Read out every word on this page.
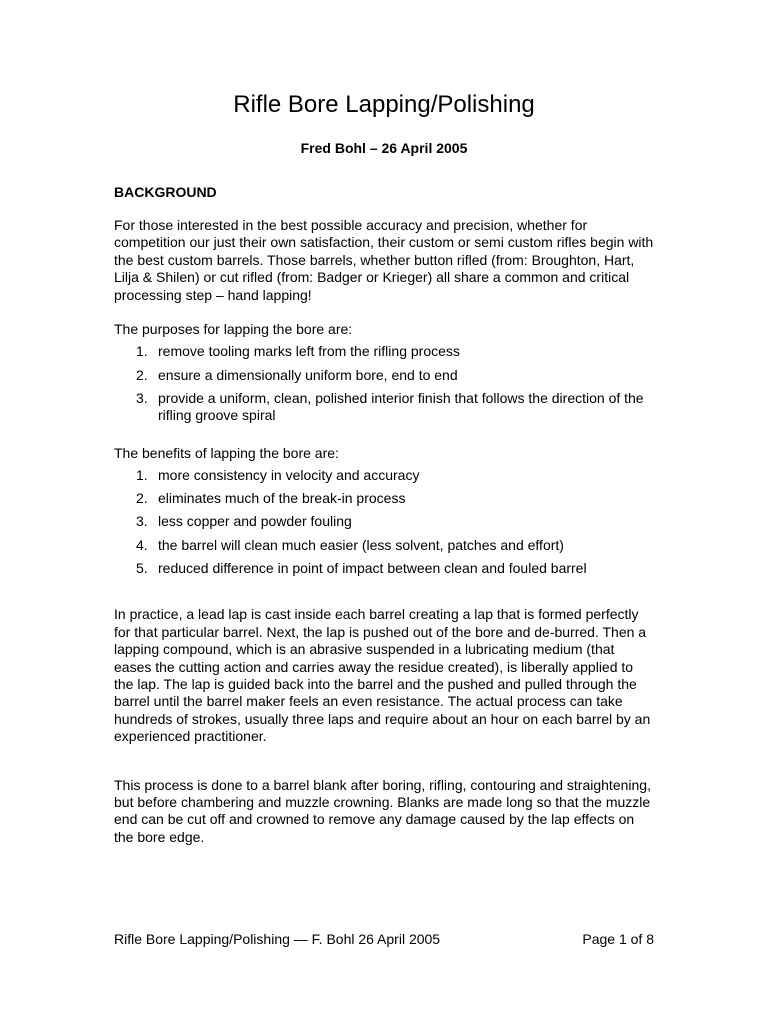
Rifle Bore Lapping/Polishing

Fred Bohl – 26 April 2005

BACKGROUND

For those interested in the best possible accuracy and precision, whether for competition our just their own satisfaction, their custom or semi custom rifles begin with the best custom barrels. Those barrels, whether button rifled (from: Broughton, Hart, Lilja & Shilen) or cut rifled (from: Badger or Krieger) all share a common and critical processing step – hand lapping!

The purposes for lapping the bore are:

1. remove tooling marks left from the rifling process
2. ensure a dimensionally uniform bore, end to end
3. provide a uniform, clean, polished interior finish that follows the direction of the rifling groove spiral

The benefits of lapping the bore are:

1. more consistency in velocity and accuracy
2. eliminates much of the break-in process
3. less copper and powder fouling
4. the barrel will clean much easier (less solvent, patches and effort)
5. reduced difference in point of impact between clean and fouled barrel

In practice, a lead lap is cast inside each barrel creating a lap that is formed perfectly for that particular barrel. Next, the lap is pushed out of the bore and de-burred. Then a lapping compound, which is an abrasive suspended in a lubricating medium (that eases the cutting action and carries away the residue created), is liberally applied to the lap. The lap is guided back into the barrel and the pushed and pulled through the barrel until the barrel maker feels an even resistance. The actual process can take hundreds of strokes, usually three laps and require about an hour on each barrel by an experienced practitioner.

This process is done to a barrel blank after boring, rifling, contouring and straightening, but before chambering and muzzle crowning. Blanks are made long so that the muzzle end can be cut off and crowned to remove any damage caused by the lap effects on the bore edge.

Rifle Bore Lapping/Polishing — F. Bohl 26 April 2005	Page 1 of 8
